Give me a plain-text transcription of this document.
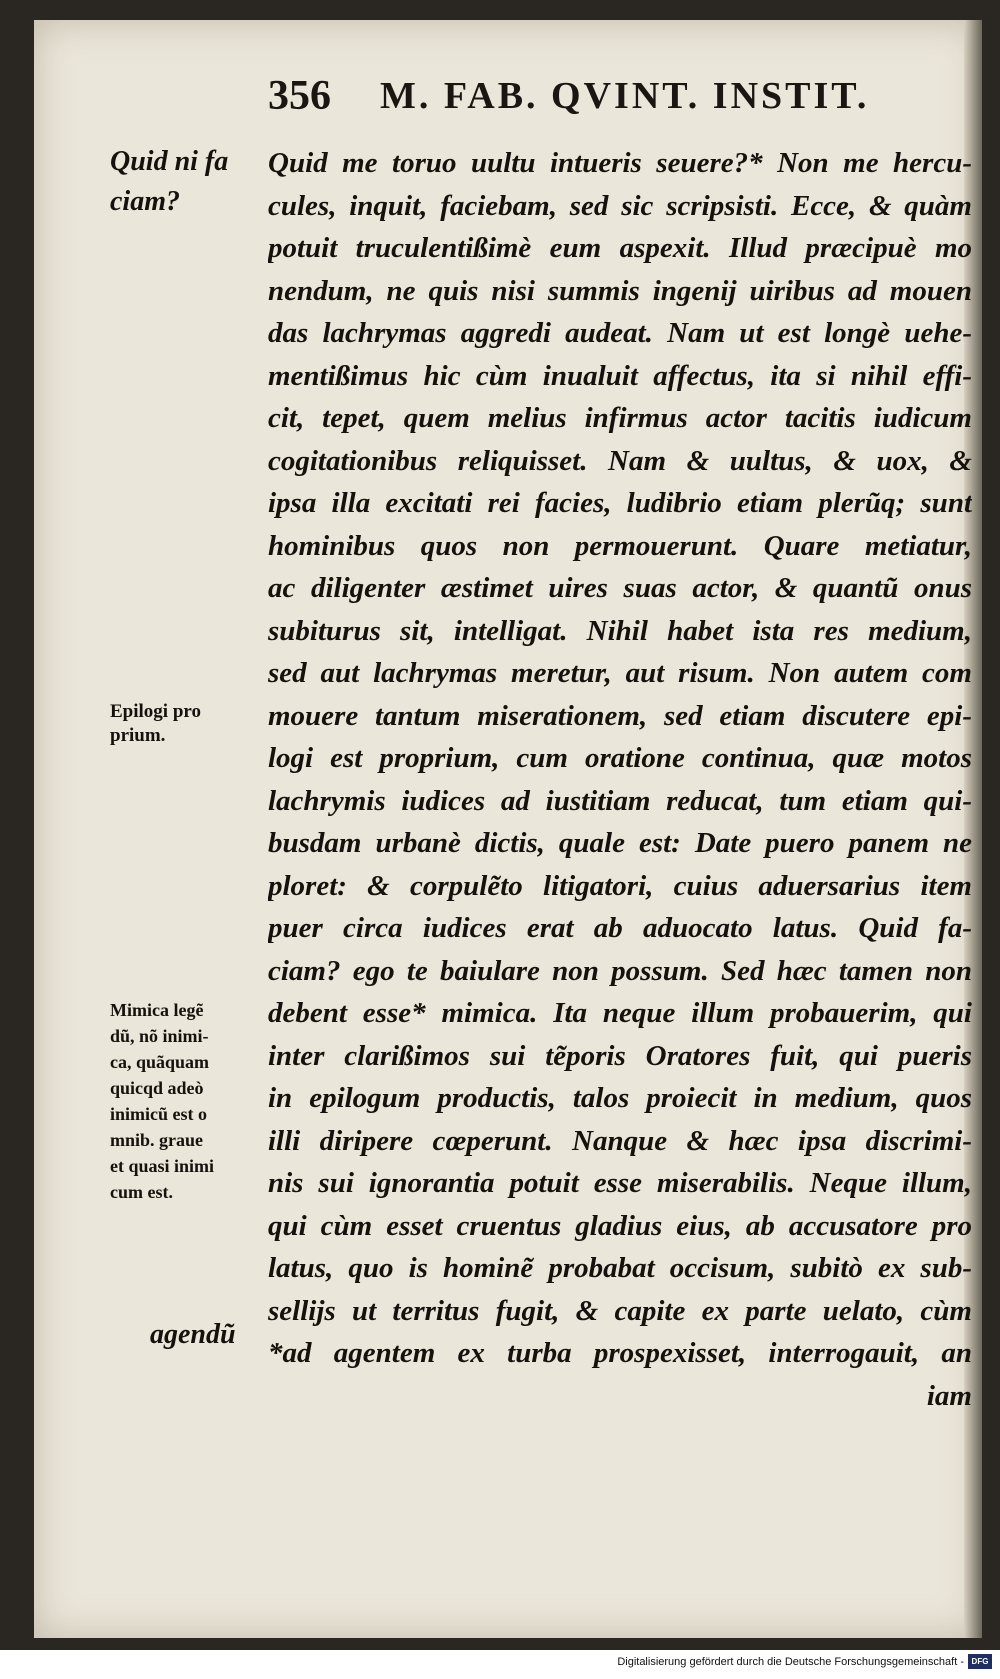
356 M. FAB. QVINT. INSTIT.
Quid me toruo uultu intueris seuere?* Non me hercu-
cules, inquit, faciebam, sed sic scripsisti. Ecce, & quàm
potuit truculentißimè eum aspexit. Illud præcipuè mo
nendum, ne quis nisi summis ingenij uiribus ad mouen
das lachrymas aggredi audeat. Nam ut est longè uehe-
mentißimus hic cùm inualuit affectus, ita si nihil effi-
cit, tepet, quem melius infirmus actor tacitis iudicum
cogitationibus reliquisset. Nam & uultus, & uox, &
ipsa illa excitati rei facies, ludibrio etiam plerũq; sunt
hominibus quos non permouerunt. Quare metiatur,
ac diligenter æstimet uires suas actor, & quantũ onus
subiturus sit, intelligat. Nihil habet ista res medium,
sed aut lachrymas meretur, aut risum. Non autem com
mouere tantum miserationem, sed etiam discutere epi-
logi est proprium, cum oratione continua, quæ motos
lachrymis iudices ad iustitiam reducat, tum etiam qui-
busdam urbanè dictis, quale est: Date puero panem ne
ploret: & corpulẽto litigatori, cuius aduersarius item
puer circa iudices erat ab aduocato latus. Quid fa-
ciam? ego te baiulare non possum. Sed hæc tamen non
debent esse* mimica. Ita neque illum probauerim, qui
inter clarißimos sui tẽporis Oratores fuit, qui pueris
in epilogum productis, talos proiecit in medium, quos
illi diripere cœperunt. Nanque & hæc ipsa discrimi-
nis sui ignorantia potuit esse miserabilis. Neque illum,
qui cùm esset cruentus gladius eius, ab accusatore pro
latus, quo is hominẽ probabat occisum, subitò ex sub-
sellijs ut territus fugit, & capite ex parte uelato, cùm
*ad agentem ex turba prospexisset, interrogauit, an
iam
Quid ni fa
ciam?
Epilogi pro
prium.
Mimica legẽ
dũ, nõ inimi-
ca, quãquam
quicqd adeò
inimicũ est o
mnib. graue
et quasi inimi
cum est.
agendũ
Digitalisierung gefördert durch die Deutsche Forschungsgemeinschaft - DFG
